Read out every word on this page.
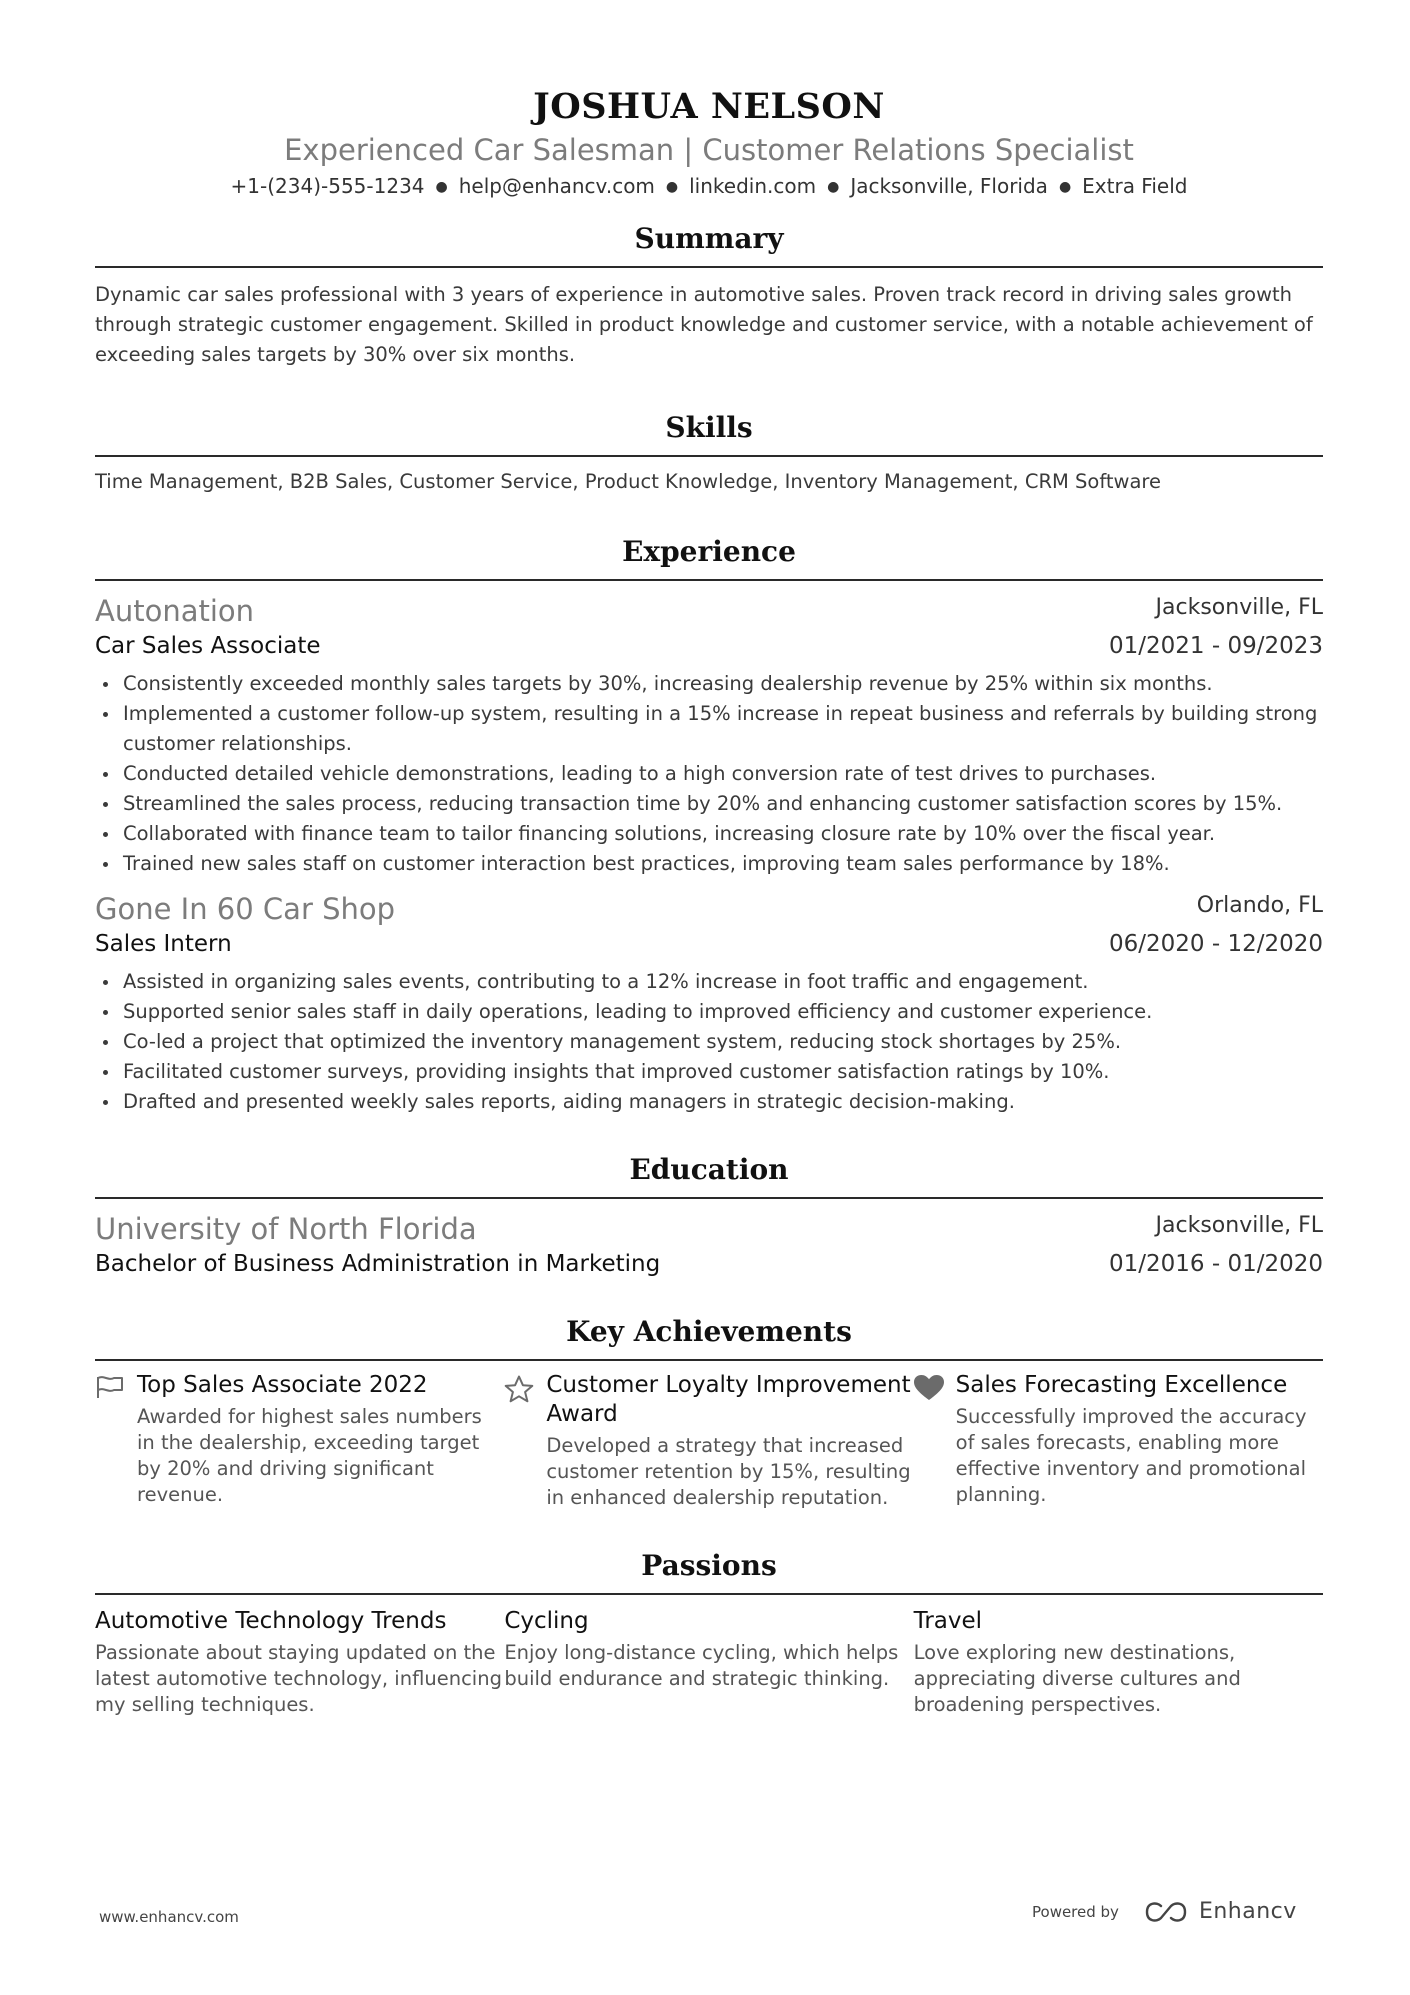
JOSHUA NELSON
Experienced Car Salesman | Customer Relations Specialist
+1-(234)-555-1234 ● help@enhancv.com ● linkedin.com ● Jacksonville, Florida ● Extra Field
Summary
Dynamic car sales professional with 3 years of experience in automotive sales. Proven track record in driving sales growth through strategic customer engagement. Skilled in product knowledge and customer service, with a notable achievement of exceeding sales targets by 30% over six months.
Skills
Time Management, B2B Sales, Customer Service, Product Knowledge, Inventory Management, CRM Software
Experience
Autonation	Jacksonville, FL
Car Sales Associate	01/2021 - 09/2023
Consistently exceeded monthly sales targets by 30%, increasing dealership revenue by 25% within six months.
Implemented a customer follow-up system, resulting in a 15% increase in repeat business and referrals by building strong customer relationships.
Conducted detailed vehicle demonstrations, leading to a high conversion rate of test drives to purchases.
Streamlined the sales process, reducing transaction time by 20% and enhancing customer satisfaction scores by 15%.
Collaborated with finance team to tailor financing solutions, increasing closure rate by 10% over the fiscal year.
Trained new sales staff on customer interaction best practices, improving team sales performance by 18%.
Gone In 60 Car Shop	Orlando, FL
Sales Intern	06/2020 - 12/2020
Assisted in organizing sales events, contributing to a 12% increase in foot traffic and engagement.
Supported senior sales staff in daily operations, leading to improved efficiency and customer experience.
Co-led a project that optimized the inventory management system, reducing stock shortages by 25%.
Facilitated customer surveys, providing insights that improved customer satisfaction ratings by 10%.
Drafted and presented weekly sales reports, aiding managers in strategic decision-making.
Education
University of North Florida	Jacksonville, FL
Bachelor of Business Administration in Marketing	01/2016 - 01/2020
Key Achievements
Top Sales Associate 2022
Awarded for highest sales numbers in the dealership, exceeding target by 20% and driving significant revenue.
Customer Loyalty Improvement Award
Developed a strategy that increased customer retention by 15%, resulting in enhanced dealership reputation.
Sales Forecasting Excellence
Successfully improved the accuracy of sales forecasts, enabling more effective inventory and promotional planning.
Passions
Automotive Technology Trends
Passionate about staying updated on the latest automotive technology, influencing my selling techniques.
Cycling
Enjoy long-distance cycling, which helps build endurance and strategic thinking.
Travel
Love exploring new destinations, appreciating diverse cultures and broadening perspectives.
www.enhancv.com	Powered by	Enhancv
